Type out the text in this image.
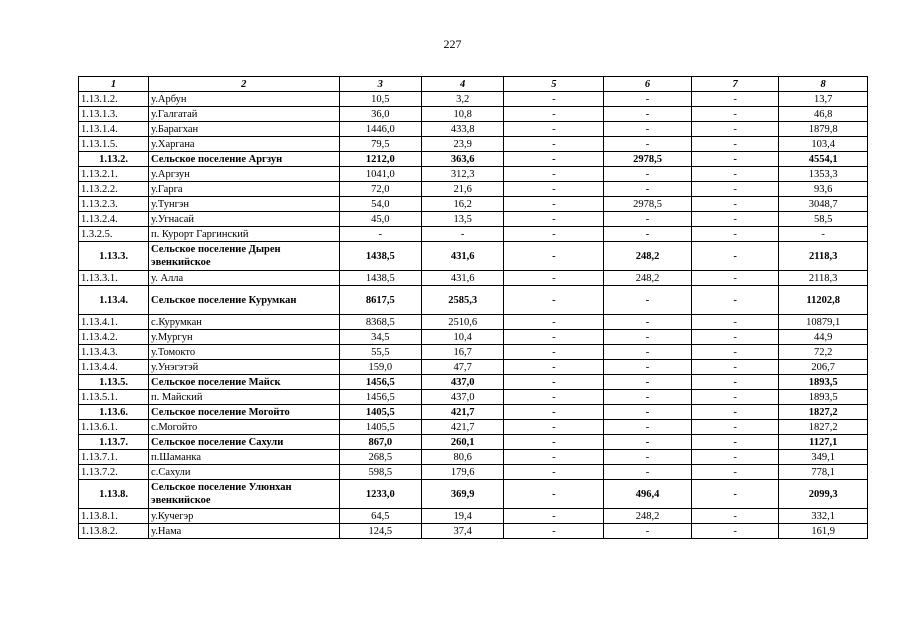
227
1	2	3	4	5	6	7	8
1.13.1.2.	у.Арбун	10,5	3,2	-	-	-	13,7
1.13.1.3.	у.Галгатай	36,0	10,8	-	-	-	46,8
1.13.1.4.	у.Барагхан	1446,0	433,8	-	-	-	1879,8
1.13.1.5.	у.Харгана	79,5	23,9	-	-	-	103,4
1.13.2.	Сельское поселение Аргзун	1212,0	363,6	-	2978,5	-	4554,1
1.13.2.1.	у.Аргзун	1041,0	312,3	-	-	-	1353,3
1.13.2.2.	у.Гарга	72,0	21,6	-	-	-	93,6
1.13.2.3.	у.Тунгэн	54,0	16,2	-	2978,5	-	3048,7
1.13.2.4.	у.Угнасай	45,0	13,5	-	-	-	58,5
1.3.2.5.	п. Курорт Гаргинский	-	-	-	-	-	-
1.13.3.	Сельское поселение Дырен эвенкийское	1438,5	431,6	-	248,2	-	2118,3
1.13.3.1.	у. Алла	1438,5	431,6	-	248,2	-	2118,3
1.13.4.	Сельское поселение Курумкан	8617,5	2585,3	-	-	-	11202,8
1.13.4.1.	с.Курумкан	8368,5	2510,6	-	-	-	10879,1
1.13.4.2.	у.Мургун	34,5	10,4	-	-	-	44,9
1.13.4.3.	у.Томокто	55,5	16,7	-	-	-	72,2
1.13.4.4.	у.Унэгэтэй	159,0	47,7	-	-	-	206,7
1.13.5.	Сельское поселение Майск	1456,5	437,0	-	-	-	1893,5
1.13.5.1.	п. Майский	1456,5	437,0	-	-	-	1893,5
1.13.6.	Сельское поселение Могойто	1405,5	421,7	-	-	-	1827,2
1.13.6.1.	с.Могойто	1405,5	421,7	-	-	-	1827,2
1.13.7.	Сельское поселение Сахули	867,0	260,1	-	-	-	1127,1
1.13.7.1.	п.Шаманка	268,5	80,6	-	-	-	349,1
1.13.7.2.	с.Сахули	598,5	179,6	-	-	-	778,1
1.13.8.	Сельское поселение Улюнхан эвенкийское	1233,0	369,9	-	496,4	-	2099,3
1.13.8.1.	у.Кучегэр	64,5	19,4	-	248,2	-	332,1
1.13.8.2.	у.Нама	124,5	37,4	-	-	-	161,9
